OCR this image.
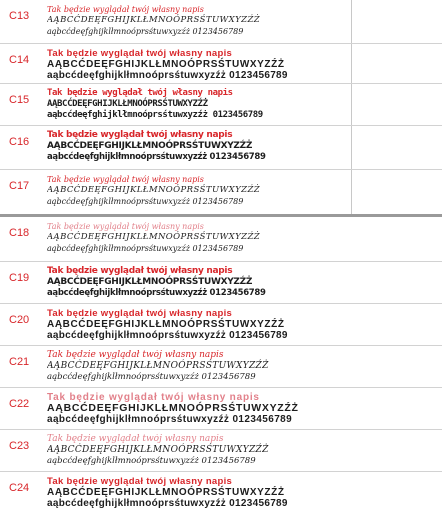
C13
Tak będzie wyglądał twój własny napis
AĄBCĆDEĘFGHIJKLŁMNOÓPRSŚTUWXYZŹŻ
aąbcćdeęfghijklłmnoóprsśtuwxyzźż 0123456789
C14
Tak będzie wyglądał twój własny napis
AĄBCĆDEĘFGHIJKLŁMNOÓPRSŚTUWXYZŹŻ
aąbcćdeęfghijklłmnoóprsśtuwxyzźż 0123456789
C15
Tak będzie wyglądał twój własny napis
AĄBCĆDEĘFGHIJKLŁMNOÓPRSŚTUWXYZŹŻ
aąbcćdeęfghijklłmnoóprsśtuwxyzźż 0123456789
C16
Tak będzie wyglądał twój własny napis
AĄBCĆDEĘFGHIJKLŁMNOÓPRSŚTUWXYZŹŻ
aąbcćdeęfghijklłmnoóprsśtuwxyzźż 0123456789
C17
Tak będzie wyglądał twój własny napis
AĄBCĆDEĘFGHIJKLŁMNOÓPRSŚTUWXYZŹŻ
aąbcćdeęfghijklłmnoóprsśtuwxyzźż 0123456789
C18
Tak będzie wyglądał twój własny napis
AĄBCĆDEĘFGHIJKLŁMNOÓPRSŚTUWXYZŹŻ
aąbcćdeęfghijklłmnoóprsśtuwxyzźż 0123456789
C19
Tak będzie wyglądał twój własny napis
AĄBCĆDEĘFGHIJKLŁMNOÓPRSŚTUWXYZŹŻ
aąbcćdeęfghijklłmnoóprsśtuwxyzźż 0123456789
C20
Tak będzie wyglądał twój własny napis
AĄBCĆDEĘFGHIJKLŁMNOÓPRSŚTUWXYZŹŻ
aąbcćdeęfghijklłmnoóprsśtuwxyzźż 0123456789
C21
Tak będzie wyglądał twój własny napis
AĄBCĆDEĘFGHIJKLŁMNOÓPRSŚTUWXYZŹŻ
aąbcćdeęfghijklłmnoóprsśtuwxyzźż 0123456789
C22
Tak będzie wyglądał twój własny napis
AĄBCĆDEĘFGHIJKLŁMNOÓPRSŚTUWXYZŹŻ
aąbcćdeęfghijklłmnoóprsśtuwxyzźż 0123456789
C23
Tak będzie wyglądał twój własny napis
AĄBCĆDEĘFGHIJKLŁMNOÓPRSŚTUWXYZŹŻ
aąbcćdeęfghijklłmnoóprsśtuwxyzźż 0123456789
C24
Tak będzie wyglądał twój własny napis
AĄBCĆDEĘFGHIJKLŁMNOÓPRSŚTUWXYZŹŻ
aąbcćdeęfghijklłmnoóprsśtuwxyzźż 0123456789
